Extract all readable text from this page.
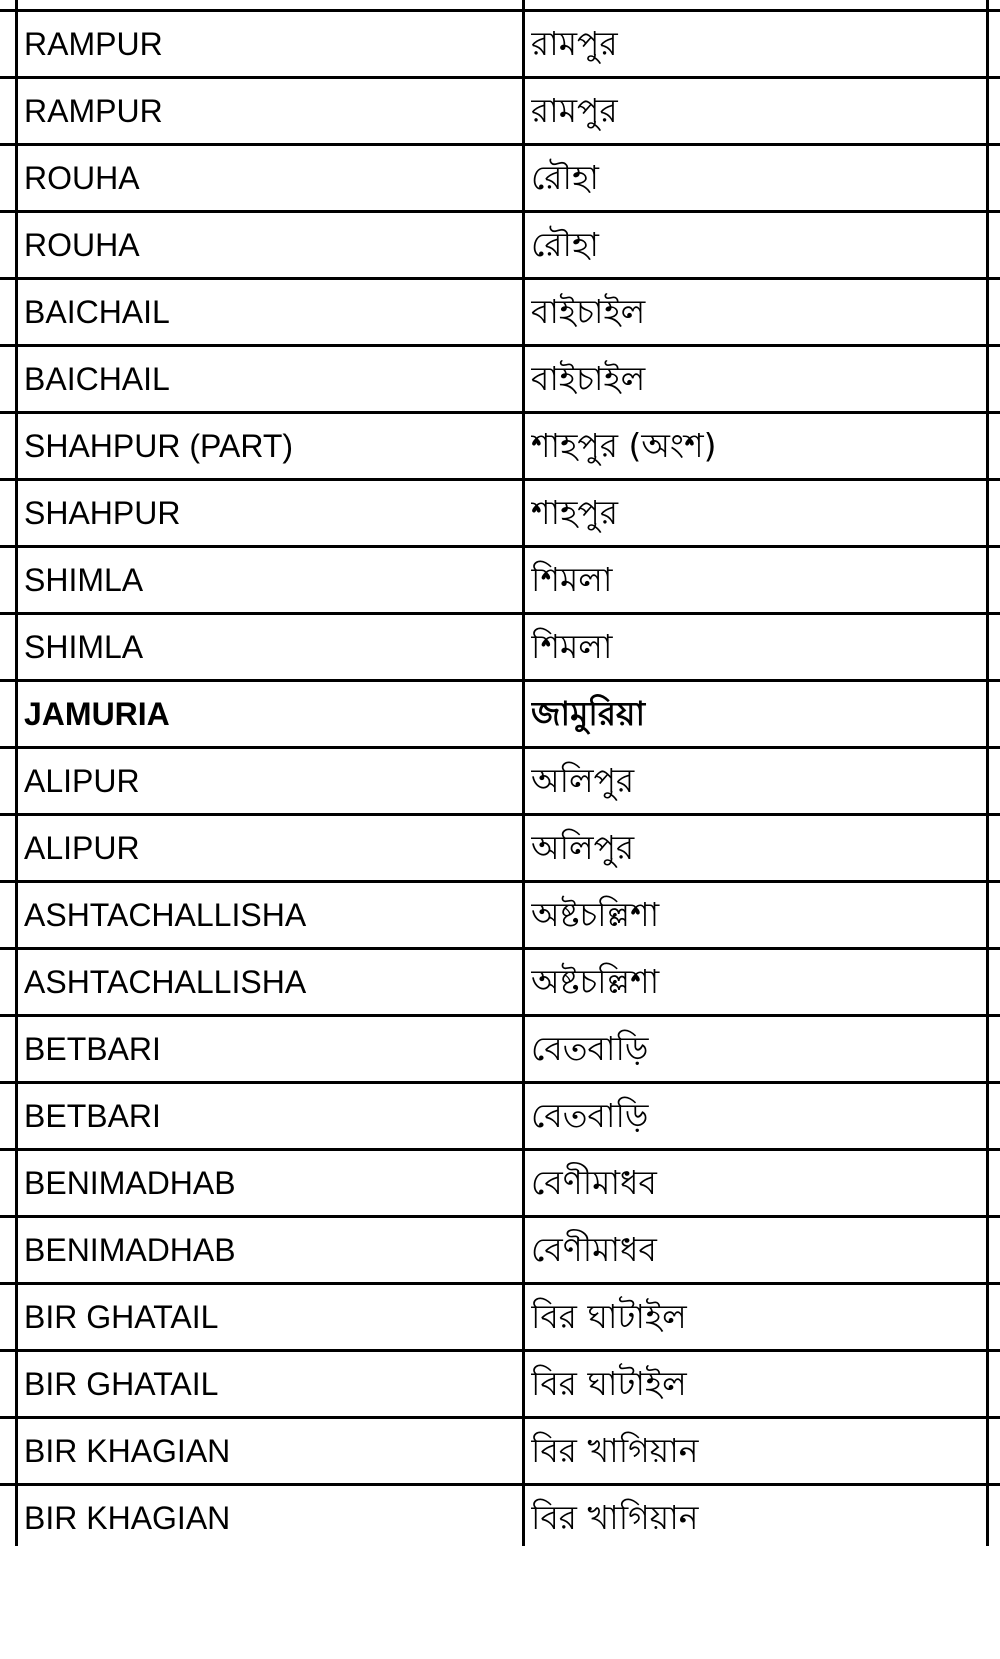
RAMPUR	রামপুর
RAMPUR	রামপুর
ROUHA	রৌহা
ROUHA	রৌহা
BAICHAIL	বাইচাইল
BAICHAIL	বাইচাইল
SHAHPUR (PART)	শাহপুর (অংশ)
SHAHPUR	শাহপুর
SHIMLA	শিমলা
SHIMLA	শিমলা
JAMURIA	জামুরিয়া
ALIPUR	অলিপুর
ALIPUR	অলিপুর
ASHTACHALLISHA	অষ্টচল্লিশা
ASHTACHALLISHA	অষ্টচল্লিশা
BETBARI	বেতবাড়ি
BETBARI	বেতবাড়ি
BENIMADHAB	বেণীমাধব
BENIMADHAB	বেণীমাধব
BIR GHATAIL	বির ঘাটাইল
BIR GHATAIL	বির ঘাটাইল
BIR KHAGIAN	বির খাগিয়ান
BIR KHAGIAN	বির খাগিয়ান
